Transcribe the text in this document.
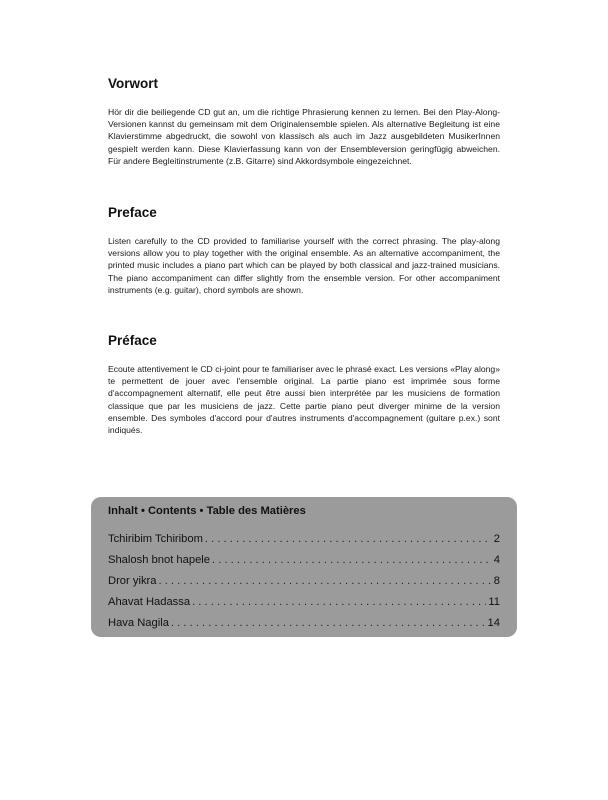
Vorwort

Hör dir die beiliegende CD gut an, um die richtige Phrasierung kennen zu lernen. Bei den Play-Along-Versionen kannst du gemeinsam mit dem Originalensemble spielen. Als alternative Begleitung ist eine Klavierstimme abgedruckt, die sowohl von klassisch als auch im Jazz ausgebildeten MusikerInnen gespielt werden kann. Diese Klavierfassung kann von der Ensembleversion geringfügig abweichen. Für andere Begleitinstrumente (z.B. Gitarre) sind Akkordsymbole eingezeichnet.

Preface

Listen carefully to the CD provided to familiarise yourself with the correct phrasing. The play-along versions allow you to play together with the original ensemble. As an alternative accompaniment, the printed music includes a piano part which can be played by both classical and jazz-trained musicians. The piano accompaniment can differ slightly from the ensemble version. For other accompaniment instruments (e.g. guitar), chord symbols are shown.

Préface

Ecoute attentivement le CD ci-joint pour te familiariser avec le phrasé exact. Les versions «Play along» te permettent de jouer avec l'ensemble original. La partie piano est imprimée sous forme d'accompagnement alternatif, elle peut être aussi bien interprétée par les musiciens de formation classique que par les musiciens de jazz. Cette partie piano peut diverger minime de la version ensemble. Des symboles d'accord pour d'autres instruments d'accompagnement (guitare p.ex.) sont indiqués.

Inhalt • Contents • Table des Matières
Tchiribim Tchiribom . . .	2
Shalosh bnot hapele . . .	4
Dror yikra . . .	8
Ahavat Hadassa . . .	11
Hava Nagila . . .	14
